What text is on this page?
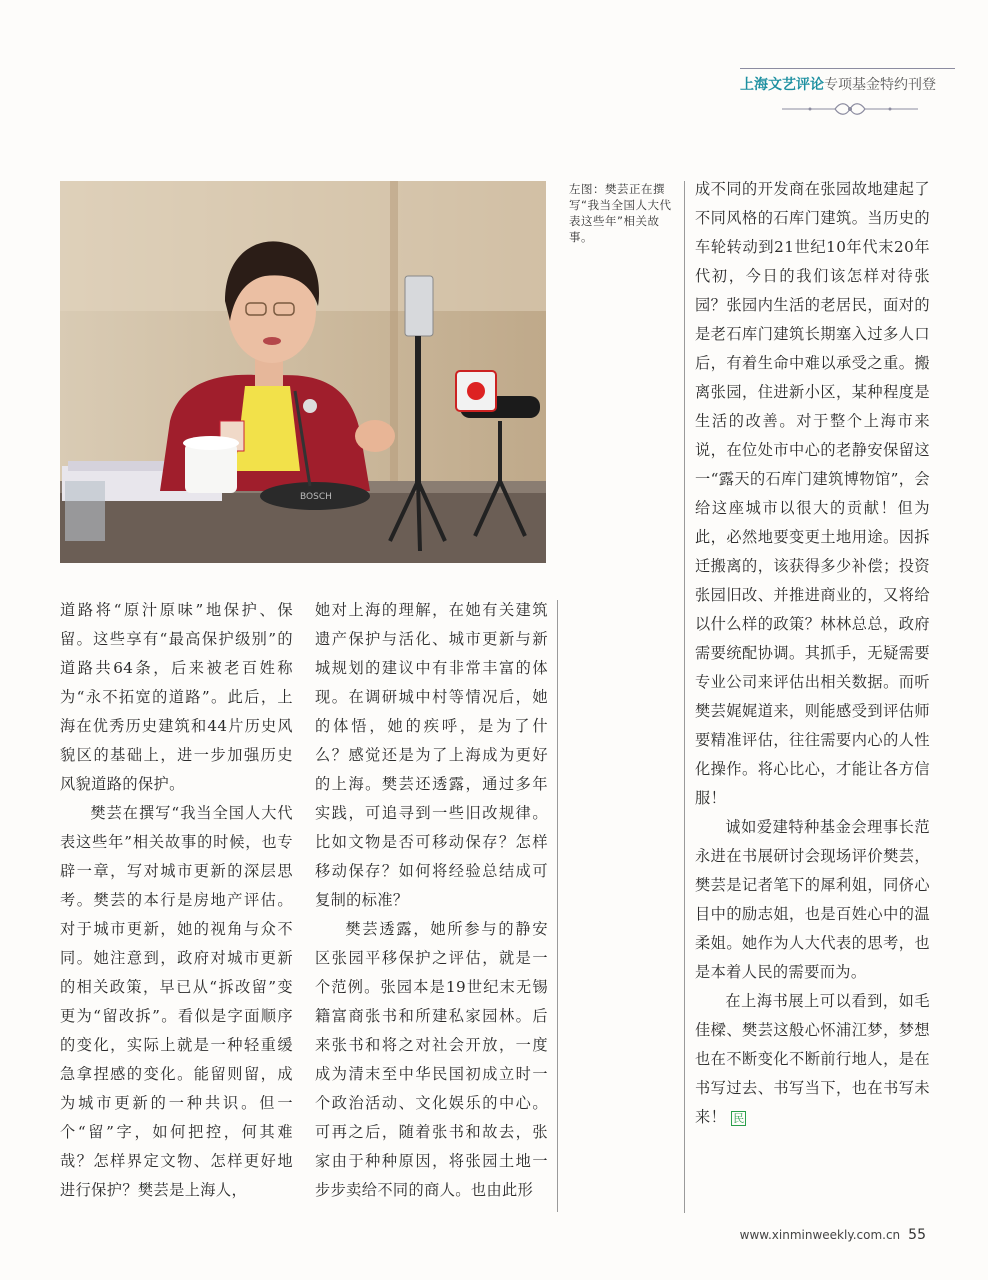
上海文艺评论专项基金特约刊登
BOSCH
左图：樊芸正在撰写“我当全国人大代表这些年”相关故事。

道路将“原汁原味”地保护、保留。这些享有“最高保护级别”的道路共64条，后来被老百姓称为“永不拓宽的道路”。此后，上海在优秀历史建筑和44片历史风貌区的基础上，进一步加强历史风貌道路的保护。

樊芸在撰写“我当全国人大代表这些年”相关故事的时候，也专辟一章，写对城市更新的深层思考。樊芸的本行是房地产评估。对于城市更新，她的视角与众不同。她注意到，政府对城市更新的相关政策，早已从“拆改留”变更为“留改拆”。看似是字面顺序的变化，实际上就是一种轻重缓急拿捏感的变化。能留则留，成为城市更新的一种共识。但一个“留”字，如何把控，何其难哉？怎样界定文物、怎样更好地进行保护？樊芸是上海人，

她对上海的理解，在她有关建筑遗产保护与活化、城市更新与新城规划的建议中有非常丰富的体现。在调研城中村等情况后，她的体悟，她的疾呼，是为了什么？感觉还是为了上海成为更好的上海。樊芸还透露，通过多年实践，可追寻到一些旧改规律。比如文物是否可移动保存？怎样移动保存？如何将经验总结成可复制的标准？

樊芸透露，她所参与的静安区张园平移保护之评估，就是一个范例。张园本是19世纪末无锡籍富商张书和所建私家园林。后来张书和将之对社会开放，一度成为清末至中华民国初成立时一个政治活动、文化娱乐的中心。可再之后，随着张书和故去，张家由于种种原因，将张园土地一步步卖给不同的商人。也由此形

成不同的开发商在张园故地建起了不同风格的石库门建筑。当历史的车轮转动到21世纪10年代末20年代初，今日的我们该怎样对待张园？张园内生活的老居民，面对的是老石库门建筑长期塞入过多人口后，有着生命中难以承受之重。搬离张园，住进新小区，某种程度是生活的改善。对于整个上海市来说，在位处市中心的老静安保留这一“露天的石库门建筑博物馆”，会给这座城市以很大的贡献！但为此，必然地要变更土地用途。因拆迁搬离的，该获得多少补偿；投资张园旧改、并推进商业的，又将给以什么样的政策？林林总总，政府需要统配协调。其抓手，无疑需要专业公司来评估出相关数据。而听樊芸娓娓道来，则能感受到评估师要精准评估，往往需要内心的人性化操作。将心比心，才能让各方信服！

诚如爱建特种基金会理事长范永进在书展研讨会现场评价樊芸，樊芸是记者笔下的犀利姐，同侪心目中的励志姐，也是百姓心中的温柔姐。她作为人大代表的思考，也是本着人民的需要而为。

在上海书展上可以看到，如毛佳樑、樊芸这般心怀浦江梦，梦想也在不断变化不断前行地人，是在书写过去、书写当下，也在书写未来！ 民

www.xinminweekly.com.cn 55
